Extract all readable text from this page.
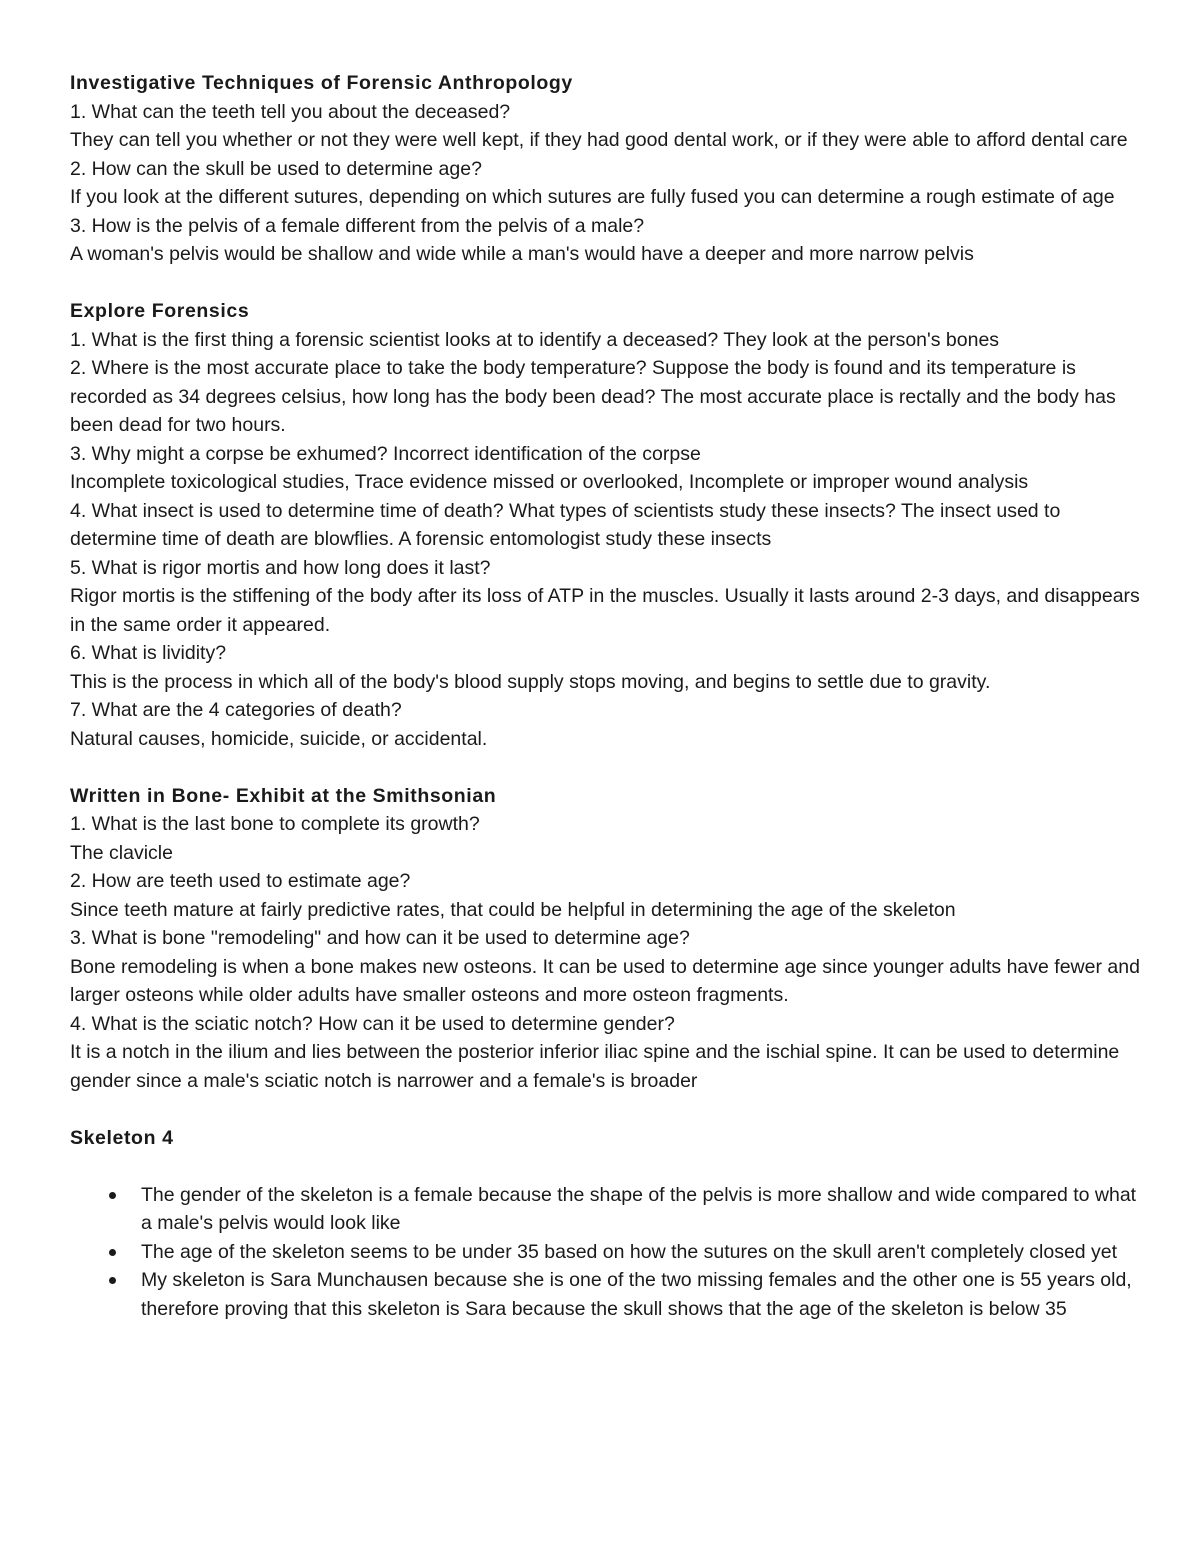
Investigative Techniques of Forensic Anthropology

1. What can the teeth tell you about the deceased?

They can tell you whether or not they were well kept, if they had good dental work, or if they were able to afford dental care

2. How can the skull be used to determine age?

If you look at the different sutures, depending on which sutures are fully fused you can determine a rough estimate of age

3. How is the pelvis of a female different from the pelvis of a male?

A woman's pelvis would be shallow and wide while a man's would have a deeper and more narrow pelvis

Explore Forensics

1. What is the first thing a forensic scientist looks at to identify a deceased? They look at the person's bones

2. Where is the most accurate place to take the body temperature? Suppose the body is found and its temperature is recorded as 34 degrees celsius, how long has the body been dead? The most accurate place is rectally and the body has been dead for two hours.

3. Why might a corpse be exhumed? Incorrect identification of the corpse

Incomplete toxicological studies, Trace evidence missed or overlooked, Incomplete or improper wound analysis

4. What insect is used to determine time of death? What types of scientists study these insects? The insect used to determine time of death are blowflies. A forensic entomologist study these insects

5. What is rigor mortis and how long does it last?

Rigor mortis is the stiffening of the body after its loss of ATP in the muscles. Usually it lasts around 2-3 days, and disappears in the same order it appeared.

6. What is lividity?

This is the process in which all of the body's blood supply stops moving, and begins to settle due to gravity.

7. What are the 4 categories of death?

Natural causes, homicide, suicide, or accidental.

Written in Bone- Exhibit at the Smithsonian

1. What is the last bone to complete its growth?

The clavicle

2. How are teeth used to estimate age?

Since teeth mature at fairly predictive rates, that could be helpful in determining the age of the skeleton

3. What is bone "remodeling" and how can it be used to determine age?

Bone remodeling is when a bone makes new osteons. It can be used to determine age since younger adults have fewer and larger osteons while older adults have smaller osteons and more osteon fragments.

4. What is the sciatic notch? How can it be used to determine gender?

It is a notch in the ilium and lies between the posterior inferior iliac spine and the ischial spine. It can be used to determine gender since a male's sciatic notch is narrower and a female's is broader

Skeleton 4
The gender of the skeleton is a female because the shape of the pelvis is more shallow and wide compared to what a male's pelvis would look like
The age of the skeleton seems to be under 35 based on how the sutures on the skull aren't completely closed yet
My skeleton is Sara Munchausen because she is one of the two missing females and the other one is 55 years old, therefore proving that this skeleton is Sara because the skull shows that the age of the skeleton is below 35
